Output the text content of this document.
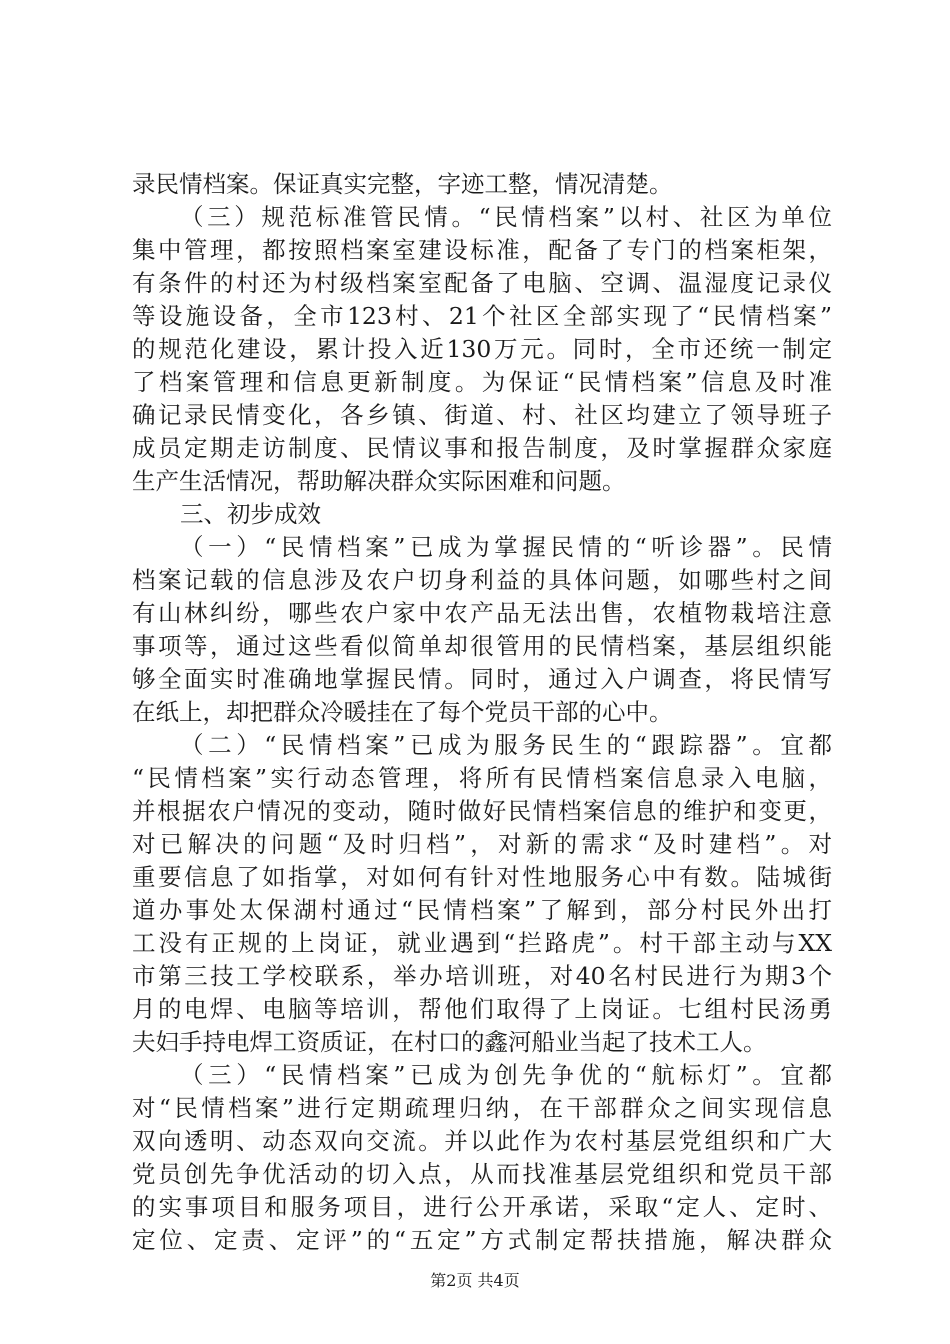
录民情档案。保证真实完整，字迹工整，情况清楚。
（三）规范标准管民情。“民情档案”以村、社区为单位
集中管理，都按照档案室建设标准，配备了专门的档案柜架，
有条件的村还为村级档案室配备了电脑、空调、温湿度记录仪
等设施设备，全市123村、21个社区全部实现了“民情档案”
的规范化建设，累计投入近130万元。同时，全市还统一制定
了档案管理和信息更新制度。为保证“民情档案”信息及时准
确记录民情变化，各乡镇、街道、村、社区均建立了领导班子
成员定期走访制度、民情议事和报告制度，及时掌握群众家庭
生产生活情况，帮助解决群众实际困难和问题。
三、初步成效
（一）“民情档案”已成为掌握民情的“听诊器”。民情
档案记载的信息涉及农户切身利益的具体问题，如哪些村之间
有山林纠纷，哪些农户家中农产品无法出售，农植物栽培注意
事项等，通过这些看似简单却很管用的民情档案，基层组织能
够全面实时准确地掌握民情。同时，通过入户调查，将民情写
在纸上，却把群众冷暖挂在了每个党员干部的心中。
（二）“民情档案”已成为服务民生的“跟踪器”。宜都
“民情档案”实行动态管理，将所有民情档案信息录入电脑，
并根据农户情况的变动，随时做好民情档案信息的维护和变更，
对已解决的问题“及时归档”，对新的需求“及时建档”。对
重要信息了如指掌，对如何有针对性地服务心中有数。陆城街
道办事处太保湖村通过“民情档案”了解到，部分村民外出打
工没有正规的上岗证，就业遇到“拦路虎”。村干部主动与XX
市第三技工学校联系，举办培训班，对40名村民进行为期3个
月的电焊、电脑等培训，帮他们取得了上岗证。七组村民汤勇
夫妇手持电焊工资质证，在村口的鑫河船业当起了技术工人。
（三）“民情档案”已成为创先争优的“航标灯”。宜都
对“民情档案”进行定期疏理归纳，在干部群众之间实现信息
双向透明、动态双向交流。并以此作为农村基层党组织和广大
党员创先争优活动的切入点，从而找准基层党组织和党员干部
的实事项目和服务项目，进行公开承诺，采取“定人、定时、
定位、定责、定评”的“五定”方式制定帮扶措施，解决群众
第2页 共4页
